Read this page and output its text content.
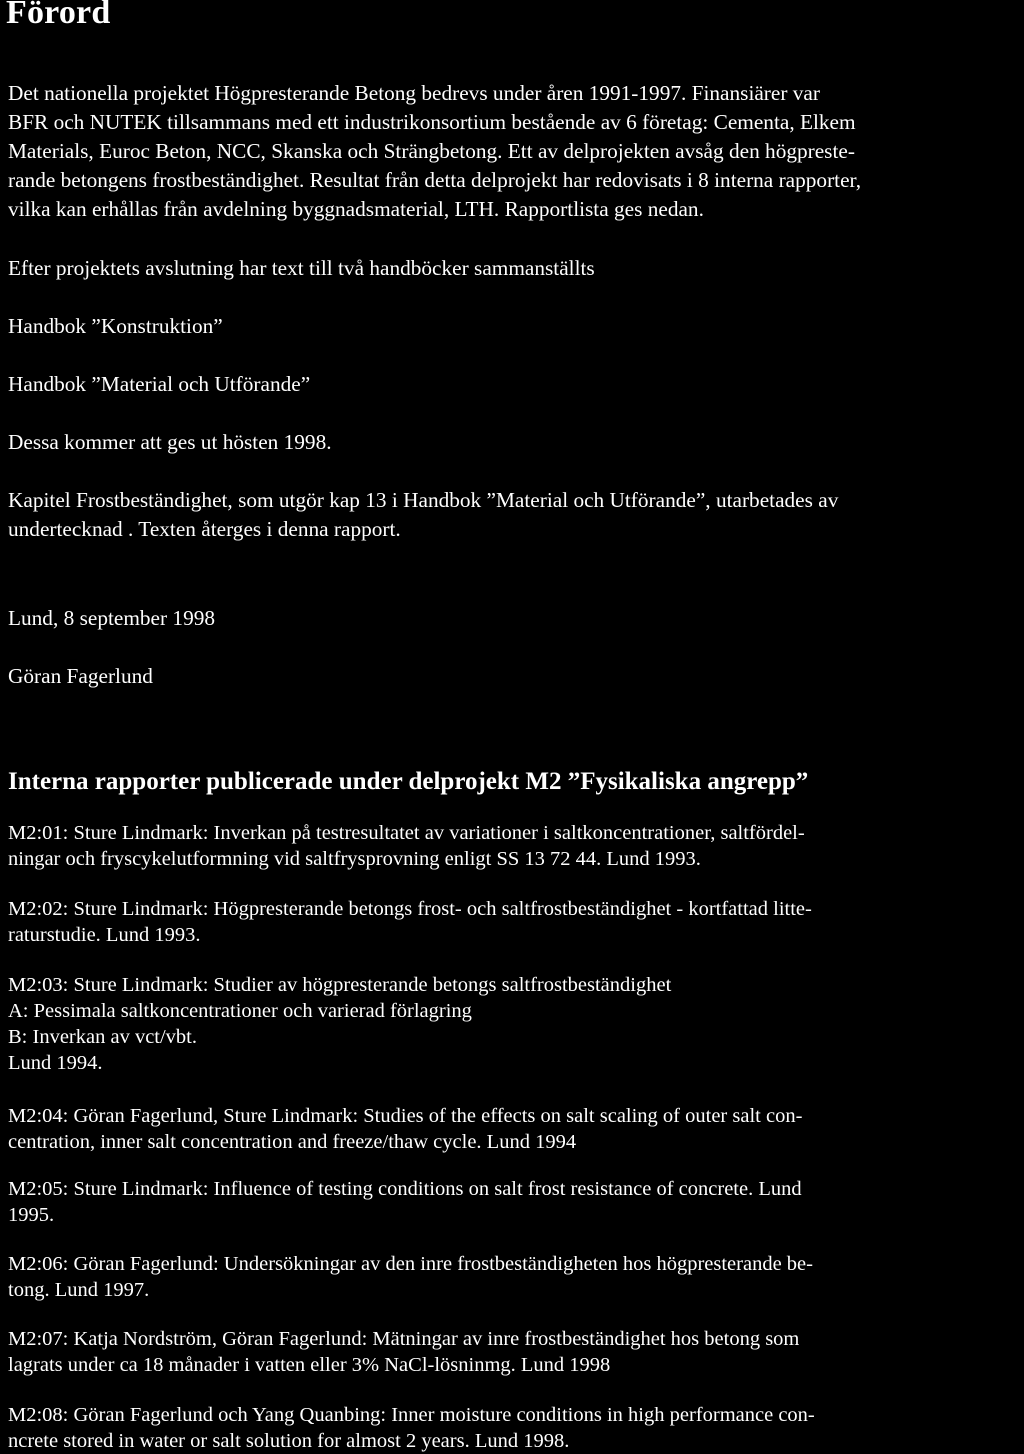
Förord

Det nationella projektet Högpresterande Betong bedrevs under åren 1991-1997. Finansiärer var
BFR och NUTEK tillsammans med ett industrikonsortium bestående av 6 företag: Cementa, Elkem
Materials, Euroc Beton, NCC, Skanska och Strängbetong. Ett av delprojekten avsåg den högpreste-
rande betongens frostbeständighet. Resultat från detta delprojekt har redovisats i 8 interna rapporter,
vilka kan erhållas från avdelning byggnadsmaterial, LTH. Rapportlista ges nedan.

Efter projektets avslutning har text till två handböcker sammanställts

Handbok ”Konstruktion”

Handbok ”Material och Utförande”

Dessa kommer att ges ut hösten 1998.

Kapitel Frostbeständighet, som utgör kap 13 i Handbok ”Material och Utförande”, utarbetades av
undertecknad . Texten återges i denna rapport.

Lund, 8 september 1998

Göran Fagerlund

Interna rapporter publicerade under delprojekt M2 ”Fysikaliska angrepp”

M2:01: Sture Lindmark: Inverkan på testresultatet av variationer i saltkoncentrationer, saltfördel-
ningar och fryscykelutformning vid saltfrysprovning enligt SS 13 72 44. Lund 1993.

M2:02: Sture Lindmark: Högpresterande betongs frost- och saltfrostbeständighet - kortfattad litte-
raturstudie. Lund 1993.

M2:03: Sture Lindmark: Studier av högpresterande betongs saltfrostbeständighet
A: Pessimala saltkoncentrationer och varierad förlagring
B: Inverkan av vct/vbt.
Lund 1994.

M2:04: Göran Fagerlund, Sture Lindmark: Studies of the effects on salt scaling of outer salt con-
centration, inner salt concentration and freeze/thaw cycle. Lund 1994

M2:05: Sture Lindmark: Influence of testing conditions on salt frost resistance of concrete. Lund
1995.

M2:06: Göran Fagerlund: Undersökningar av den inre frostbeständigheten hos högpresterande be-
tong. Lund 1997.

M2:07: Katja Nordström, Göran Fagerlund: Mätningar av inre frostbeständighet hos betong som
lagrats under ca 18 månader i vatten eller 3% NaCl-lösninmg. Lund 1998

M2:08: Göran Fagerlund och Yang Quanbing: Inner moisture conditions in high performance con-
ncrete stored in water or salt solution for almost 2 years. Lund 1998.
